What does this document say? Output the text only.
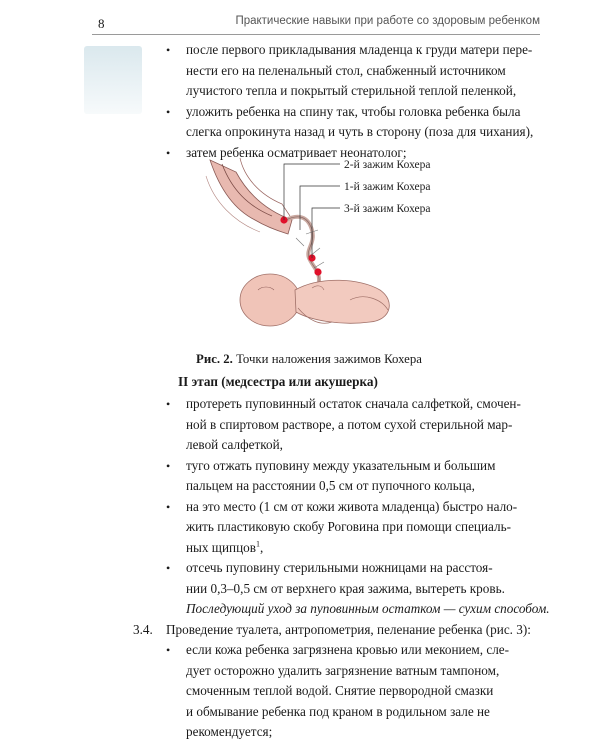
8	Практические навыки при работе со здоровым ребенком
•
после первого прикладывания младенца к груди матери пере-
нести его на пеленальный стол, снабженный источником
лучистого тепла и покрытый стерильной теплой пеленкой,
•
уложить ребенка на спину так, чтобы головка ребенка была
слегка опрокинута назад и чуть в сторону (поза для чихания),
•
затем ребенка осматривает неонатолог;
2-й зажим Кохера
1-й зажим Кохера
3-й зажим Кохера
Рис. 2. Точки наложения зажимов Кохера
II этап (медсестра или акушерка)
•
протереть пуповинный остаток сначала салфеткой, смочен-
ной в спиртовом растворе, а потом сухой стерильной мар-
левой салфеткой,
•
туго отжать пуповину между указательным и большим
пальцем на расстоянии 0,5 см от пупочного кольца,
•
на это место (1 см от кожи живота младенца) быстро нало-
жить пластиковую скобу Роговина при помощи специаль-
ных щипцов$^1$,
•
отсечь пуповину стерильными ножницами на расстоя-
нии 0,3–0,5 см от верхнего края зажима, вытереть кровь.
Последующий уход за пуповинным остатком — сухим способом.
3.4. Проведение туалета, антропометрия, пеленание ребенка (рис. 3):
•
если кожа ребенка загрязнена кровью или меконием, сле-
дует осторожно удалить загрязнение ватным тампоном,
смоченным теплой водой. Снятие первородной смазки
и обмывание ребенка под краном в родильном зале не
рекомендуется;
